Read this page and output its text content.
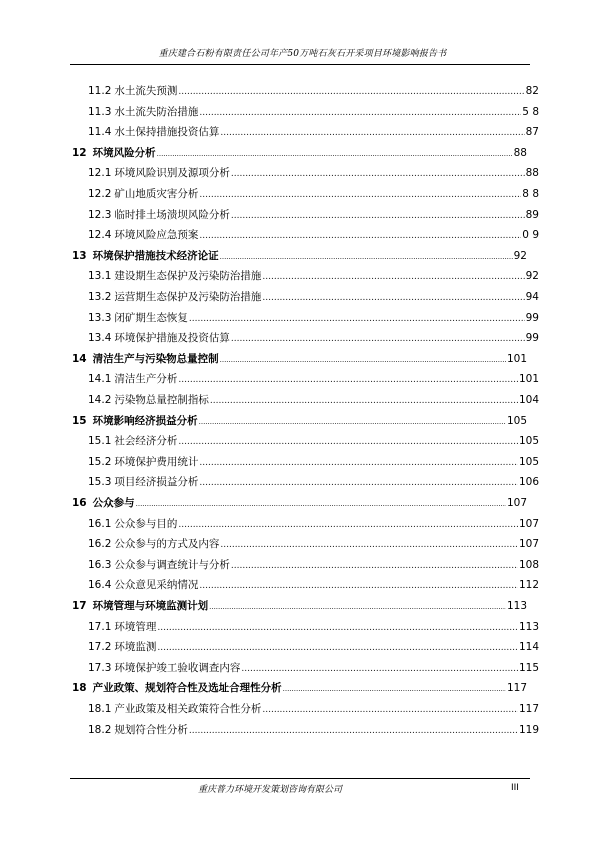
重庆建合石粉有限责任公司年产50万吨石灰石开采项目环境影响报告书
11.2 水土流失预测 .....	82
11.3 水土流失防治措施 .....	5 8
11.4 水土保持措施投资估算 .....	87
12 环境风险分析 .....	88
12.1 环境风险识别及源项分析 .....	88
12.2 矿山地质灾害分析 .....	8 8
12.3 临时排土场溃坝风险分析 .....	89
12.4 环境风险应急预案 .....	0 9
13 环境保护措施技术经济论证 .....	92
13.1 建设期生态保护及污染防治措施 .....	92
13.2 运营期生态保护及污染防治措施 .....	94
13.3 闭矿期生态恢复 .....	99
13.4 环境保护措施及投资估算 .....	99
14 清洁生产与污染物总量控制 .....	101
14.1 清洁生产分析 .....	101
14.2 污染物总量控制指标 .....	104
15 环境影响经济损益分析 .....	105
15.1 社会经济分析 .....	105
15.2 环境保护费用统计 .....	105
15.3 项目经济损益分析 .....	106
16 公众参与 .....	107
16.1 公众参与目的 .....	107
16.2 公众参与的方式及内容 .....	107
16.3 公众参与调查统计与分析 .....	108
16.4 公众意见采纳情况 .....	112
17 环境管理与环境监测计划 .....	113
17.1 环境管理 .....	113
17.2 环境监测 .....	114
17.3 环境保护竣工验收调查内容 .....	115
18 产业政策、规划符合性及选址合理性分析 .....	117
18.1 产业政策及相关政策符合性分析 .....	117
18.2 规划符合性分析 .....	119
重庆普力环境开发策划咨询有限公司	III
